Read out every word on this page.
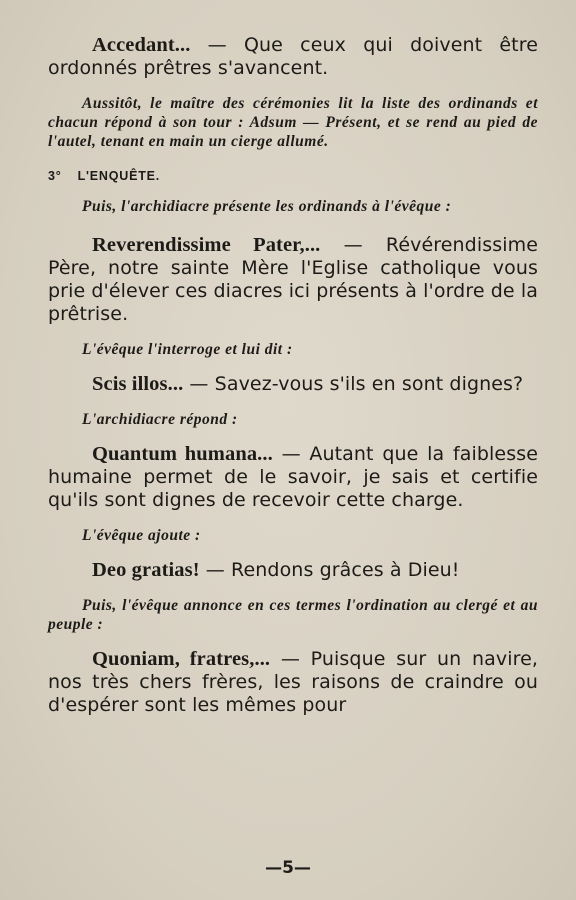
Accedant... — Que ceux qui doivent être ordonnés prêtres s'avancent.

Aussitôt, le maître des cérémonies lit la liste des ordinands et chacun répond à son tour : Adsum — Présent, et se rend au pied de l'autel, tenant en main un cierge allumé.

3° L'ENQUÊTE.

Puis, l'archidiacre présente les ordinands à l'évêque :

Reverendissime Pater,... — Révérendissime Père, notre sainte Mère l'Eglise catholique vous prie d'élever ces diacres ici présents à l'ordre de la prêtrise.

L'évêque l'interroge et lui dit :

Scis illos... — Savez-vous s'ils en sont dignes?

L'archidiacre répond :

Quantum humana... — Autant que la faiblesse humaine permet de le savoir, je sais et certifie qu'ils sont dignes de recevoir cette charge.

L'évêque ajoute :

Deo gratias! — Rendons grâces à Dieu!

Puis, l'évêque annonce en ces termes l'ordination au clergé et au peuple :

Quoniam, fratres,... — Puisque sur un navire, nos très chers frères, les raisons de craindre ou d'espérer sont les mêmes pour

—5—
